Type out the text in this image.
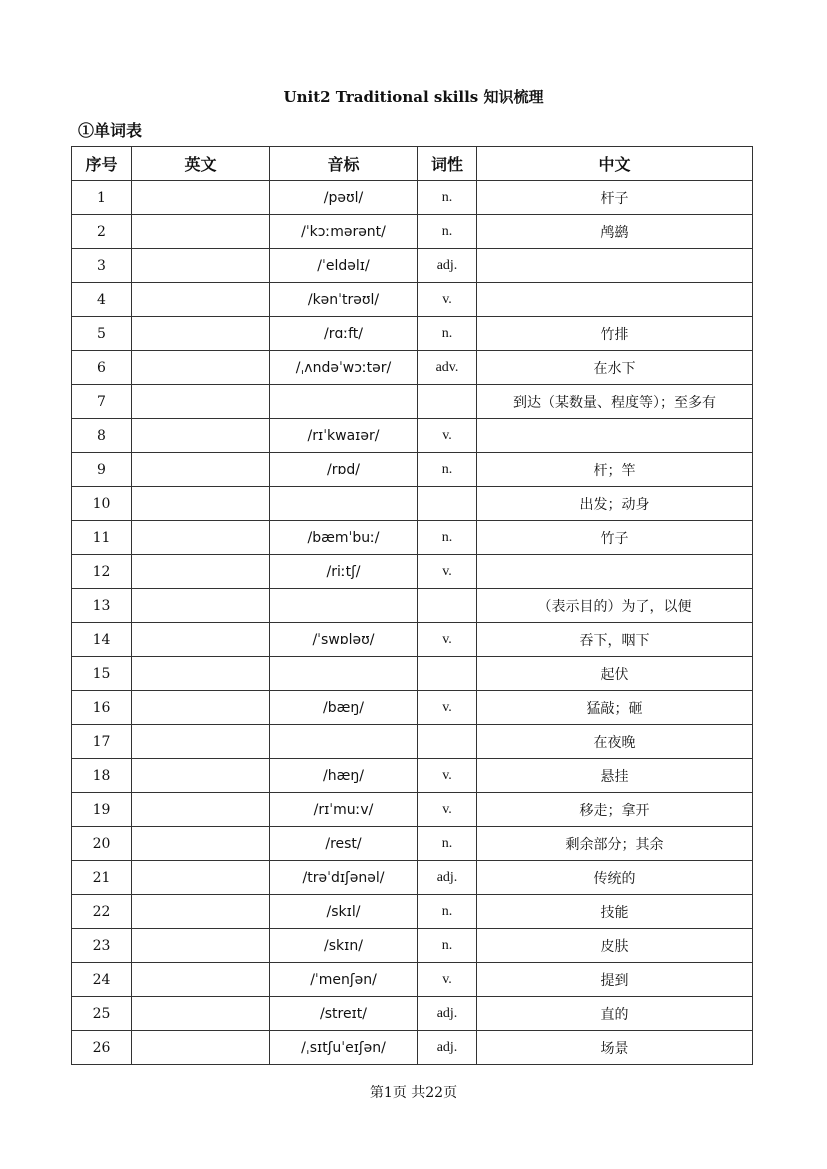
Unit2 Traditional skills 知识梳理
①单词表
序号	英文	音标	词性	中文
1		/pəʊl/	n.	杆子
2		/ˈkɔːmərənt/	n.	鸬鹚
3		/ˈeldəlɪ/	adj.	
4		/kənˈtrəʊl/	v.	
5		/rɑːft/	n.	竹排
6		/ˌʌndəˈwɔːtər/	adv.	在水下
7				到达（某数量、程度等）；至多有
8		/rɪˈkwaɪər/	v.	
9		/rɒd/	n.	杆；竿
10				出发；动身
11		/bæmˈbuː/	n.	竹子
12		/riːtʃ/	v.	
13				（表示目的）为了，以便
14		/ˈswɒləʊ/	v.	吞下，咽下
15				起伏
16		/bæŋ/	v.	猛敲；砸
17				在夜晚
18		/hæŋ/	v.	悬挂
19		/rɪˈmuːv/	v.	移走；拿开
20		/rest/	n.	剩余部分；其余
21		/trəˈdɪʃənəl/	adj.	传统的
22		/skɪl/	n.	技能
23		/skɪn/	n.	皮肤
24		/ˈmenʃən/	v.	提到
25		/streɪt/	adj.	直的
26		/ˌsɪtʃuˈeɪʃən/	adj.	场景
第1页 共22页
